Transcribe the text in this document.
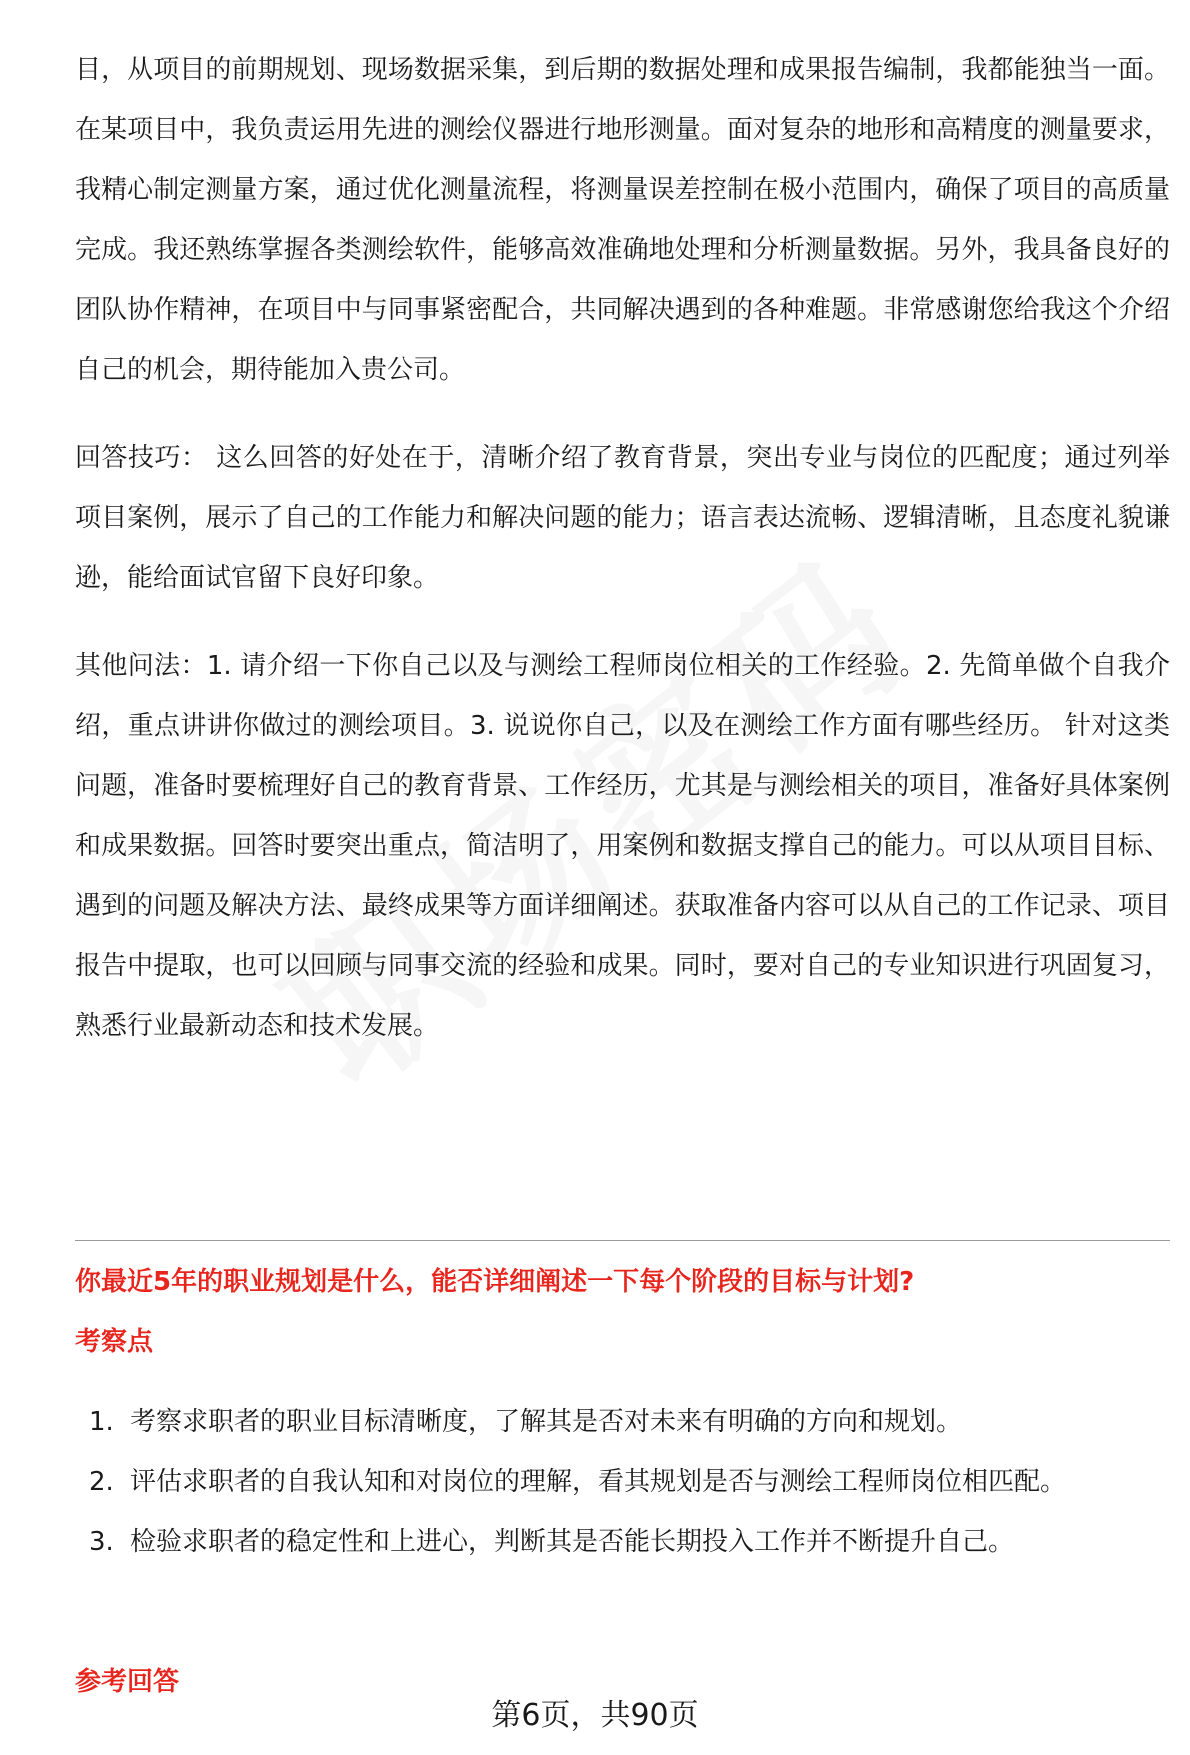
目，从项目的前期规划、现场数据采集，到后期的数据处理和成果报告编制，我都能独当一面。在某项目中，我负责运用先进的测绘仪器进行地形测量。面对复杂的地形和高精度的测量要求，我精心制定测量方案，通过优化测量流程，将测量误差控制在极小范围内，确保了项目的高质量完成。我还熟练掌握各类测绘软件，能够高效准确地处理和分析测量数据。另外，我具备良好的团队协作精神，在项目中与同事紧密配合，共同解决遇到的各种难题。非常感谢您给我这个介绍自己的机会，期待能加入贵公司。

回答技巧： 这么回答的好处在于，清晰介绍了教育背景，突出专业与岗位的匹配度；通过列举项目案例，展示了自己的工作能力和解决问题的能力；语言表达流畅、逻辑清晰，且态度礼貌谦逊，能给面试官留下良好印象。

其他问法：1. 请介绍一下你自己以及与测绘工程师岗位相关的工作经验。2. 先简单做个自我介绍，重点讲讲你做过的测绘项目。3. 说说你自己，以及在测绘工作方面有哪些经历。 针对这类问题，准备时要梳理好自己的教育背景、工作经历，尤其是与测绘相关的项目，准备好具体案例和成果数据。回答时要突出重点，简洁明了，用案例和数据支撑自己的能力。可以从项目目标、遇到的问题及解决方法、最终成果等方面详细阐述。获取准备内容可以从自己的工作记录、项目报告中提取，也可以回顾与同事交流的经验和成果。同时，要对自己的专业知识进行巩固复习，熟悉行业最新动态和技术发展。

你最近5年的职业规划是什么，能否详细阐述一下每个阶段的目标与计划?
考察点
1. 考察求职者的职业目标清晰度，了解其是否对未来有明确的方向和规划。
2. 评估求职者的自我认知和对岗位的理解，看其规划是否与测绘工程师岗位相匹配。
3. 检验求职者的稳定性和上进心，判断其是否能长期投入工作并不断提升自己。
参考回答
第6页，共90页
